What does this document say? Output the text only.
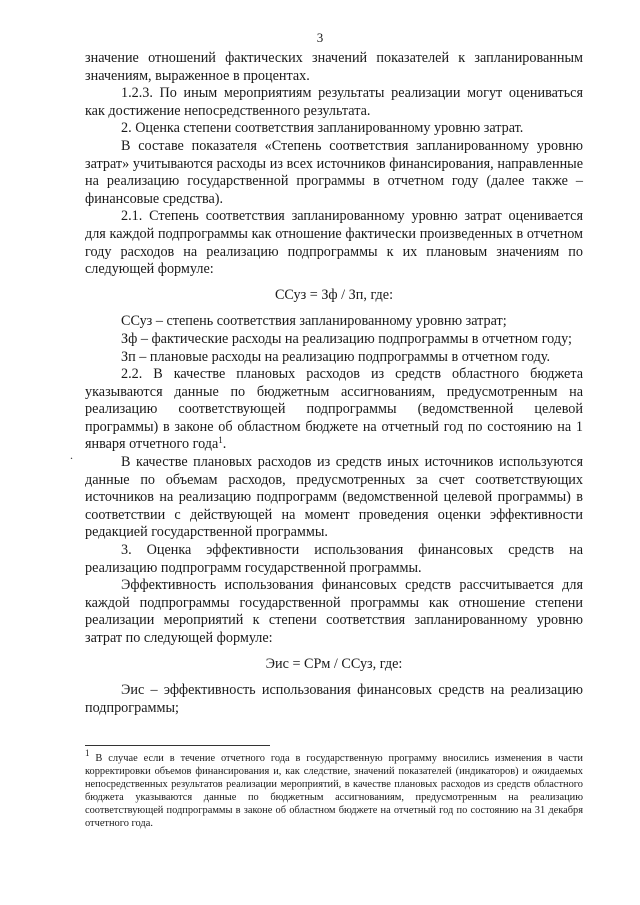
3

значение отношений фактических значений показателей к запланированным значениям, выраженное в процентах.

1.2.3. По иным мероприятиям результаты реализации могут оцениваться как достижение непосредственного результата.

2. Оценка степени соответствия запланированному уровню затрат.

В составе показателя «Степень соответствия запланированному уровню затрат» учитываются расходы из всех источников финансирования, направленные на реализацию государственной программы в отчетном году (далее также – финансовые средства).

2.1. Степень соответствия запланированному уровню затрат оценивается для каждой подпрограммы как отношение фактически произведенных в отчетном году расходов на реализацию подпрограммы к их плановым значениям по следующей формуле:

ССуз = Зф / Зп, где:

ССуз – степень соответствия запланированному уровню затрат;

Зф – фактические расходы на реализацию подпрограммы в отчетном году;

Зп – плановые расходы на реализацию подпрограммы в отчетном году.

2.2. В качестве плановых расходов из средств областного бюджета указываются данные по бюджетным ассигнованиям, предусмотренным на реализацию соответствующей подпрограммы (ведомственной целевой программы) в законе об областном бюджете на отчетный год по состоянию на 1 января отчетного года$^1$.

В качестве плановых расходов из средств иных источников используются данные по объемам расходов, предусмотренных за счет соответствующих источников на реализацию подпрограмм (ведомственной целевой программы) в соответствии с действующей на момент проведения оценки эффективности редакцией государственной программы.

3. Оценка эффективности использования финансовых средств на реализацию подпрограмм государственной программы.

Эффективность использования финансовых средств рассчитывается для каждой подпрограммы государственной программы как отношение степени реализации мероприятий к степени соответствия запланированному уровню затрат по следующей формуле:

Эис = СРм / ССуз, где:

Эис – эффективность использования финансовых средств на реализацию подпрограммы;

.

$^1$ В случае если в течение отчетного года в государственную программу вносились изменения в части корректировки объемов финансирования и, как следствие, значений показателей (индикаторов) и ожидаемых непосредственных результатов реализации мероприятий, в качестве плановых расходов из средств областного бюджета указываются данные по бюджетным ассигнованиям, предусмотренным на реализацию соответствующей подпрограммы в законе об областном бюджете на отчетный год по состоянию на 31 декабря отчетного года.
